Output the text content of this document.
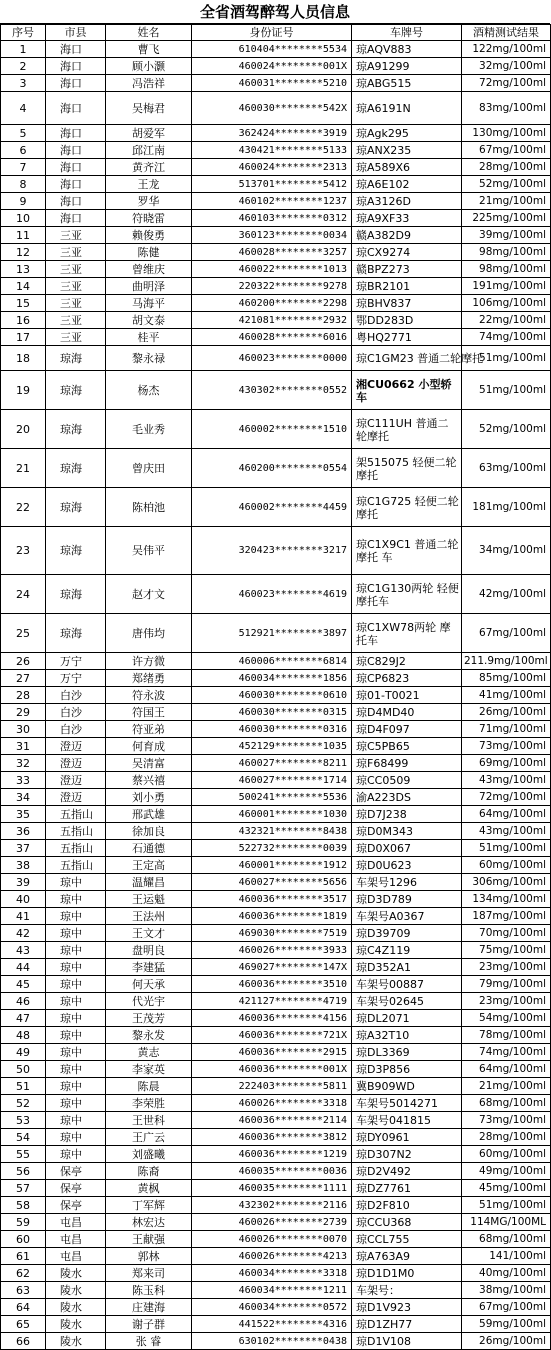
全省酒驾醉驾人员信息
序号	市县	姓名	身份证号	车牌号	酒精测试结果
1	海口	曹飞	610404********5534	琼AQV883	122mg/100ml
2	海口	顾小灏	460024********001X	琼A91299	32mg/100ml
3	海口	冯浩祥	460031********5210	琼ABG515	72mg/100ml
4	海口	吴梅君	460030********542X	琼A6191N	83mg/100ml
5	海口	胡爱军	362424********3919	琼Agk295	130mg/100ml
6	海口	邱江南	430421********5133	琼ANX235	67mg/100ml
7	海口	黄齐江	460024********2313	琼A589X6	28mg/100ml
8	海口	王龙	513701********5412	琼A6E102	52mg/100ml
9	海口	罗华	460102********1237	琼A3126D	21mg/100ml
10	海口	符晓雷	460103********0312	琼A9XF33	225mg/100ml
11	三亚	赖俊勇	360123********0034	赣A382D9	39mg/100ml
12	三亚	陈健	460028********3257	琼CX9274	98mg/100ml
13	三亚	曾维庆	460022********1013	赣BPZ273	98mg/100ml
14	三亚	曲明泽	220322********9278	琼BR2101	191mg/100ml
15	三亚	马海平	460200********2298	琼BHV837	106mg/100ml
16	三亚	胡文泰	421081********2932	鄂DD283D	22mg/100ml
17	三亚	桂平	460028********6016	粤HQ2771	74mg/100ml
18	琼海	黎永禄	460023********0000	琼C1GM23 普通二轮摩托	51mg/100ml
19	琼海	杨杰	430302********0552	湘CU0662 小型轿车	51mg/100ml
20	琼海	毛业秀	460002********1510	琼C111UH 普通二轮摩托	52mg/100ml
21	琼海	曾庆田	460200********0554	架515075 轻便二轮摩托	63mg/100ml
22	琼海	陈柏池	460002********4459	琼C1G725 轻便二轮摩托	181mg/100ml
23	琼海	吴伟平	320423********3217	琼C1X9C1 普通二轮摩托 车	34mg/100ml
24	琼海	赵才文	460023********4619	琼C1G130两轮 轻便摩托车	42mg/100ml
25	琼海	唐伟均	512921********3897	琼C1XW78两轮 摩托车	67mg/100ml
26	万宁	许方微	460006********6814	琼C829J2	211.9mg/100ml
27	万宁	郑绪勇	460034********1856	琼CP6823	85mg/100ml
28	白沙	符永波	460030********0610	琼01-T0021	41mg/100ml
29	白沙	符国王	460030********0315	琼D4MD40	26mg/100ml
30	白沙	符亚弟	460030********0316	琼D4F097	71mg/100ml
31	澄迈	何育成	452129********1035	琼C5PB65	73mg/100ml
32	澄迈	吴清富	460027********8211	琼F68499	69mg/100ml
33	澄迈	蔡兴禧	460027********1714	琼CC0509	43mg/100ml
34	澄迈	刘小勇	500241********5536	渝A223DS	72mg/100ml
35	五指山	邢武雄	460001********1030	琼D7J238	64mg/100ml
36	五指山	徐加良	432321********8438	琼D0M343	43mg/100ml
37	五指山	石通德	522732********0039	琼D0X067	51mg/100ml
38	五指山	王定高	460001********1912	琼D0U623	60mg/100ml
39	琼中	温耀昌	460027********5656	车架号1296	306mg/100ml
40	琼中	王运魁	460036********3517	琼D3D789	134mg/100ml
41	琼中	王法州	460036********1819	车架号A0367	187mg/100ml
42	琼中	王文才	469030********7519	琼D39709	70mg/100ml
43	琼中	盘明良	460026********3933	琼C4Z119	75mg/100ml
44	琼中	李建猛	469027********147X	琼D352A1	23mg/100ml
45	琼中	何天承	460036********3510	车架号00887	79mg/100ml
46	琼中	代光宇	421127********4719	车架号02645	23mg/100ml
47	琼中	王茂芳	460036********4156	琼DL2071	54mg/100ml
48	琼中	黎永发	460036********721X	琼A32T10	78mg/100ml
49	琼中	黄志	460036********2915	琼DL3369	74mg/100ml
50	琼中	李家英	460036********001X	琼D3P856	64mg/100ml
51	琼中	陈晨	222403********5811	冀B909WD	21mg/100ml
52	琼中	李荣胜	460026********3318	车架号5014271	68mg/100ml
53	琼中	王世科	460036********2114	车架号041815	73mg/100ml
54	琼中	王广云	460036********3812	琼DY0961	28mg/100ml
55	琼中	刘盛曦	460036********1219	琼D307N2	60mg/100ml
56	保亭	陈裔	460035********0036	琼D2V492	49mg/100ml
57	保亭	黄枫	460035********1111	琼DZ7761	45mg/100ml
58	保亭	丁军辉	432302********2116	琼D2F810	51mg/100ml
59	屯昌	林宏达	460026********2739	琼CCU368	114MG/100ML
60	屯昌	王献强	460026********0070	琼CCL755	68mg/100ml
61	屯昌	郭林	460026********4213	琼A763A9	141/100ml
62	陵水	郑来司	460034********3318	琼D1D1M0	40mg/100ml
63	陵水	陈玉科	460034********1211	车架号：	38mg/100ml
64	陵水	庄建海	460034********0572	琼D1V923	67mg/100ml
65	陵水	谢子群	441522********4316	琼D1ZH77	59mg/100ml
66	陵水	张 睿	630102********0438	琼D1V108	26mg/100ml
